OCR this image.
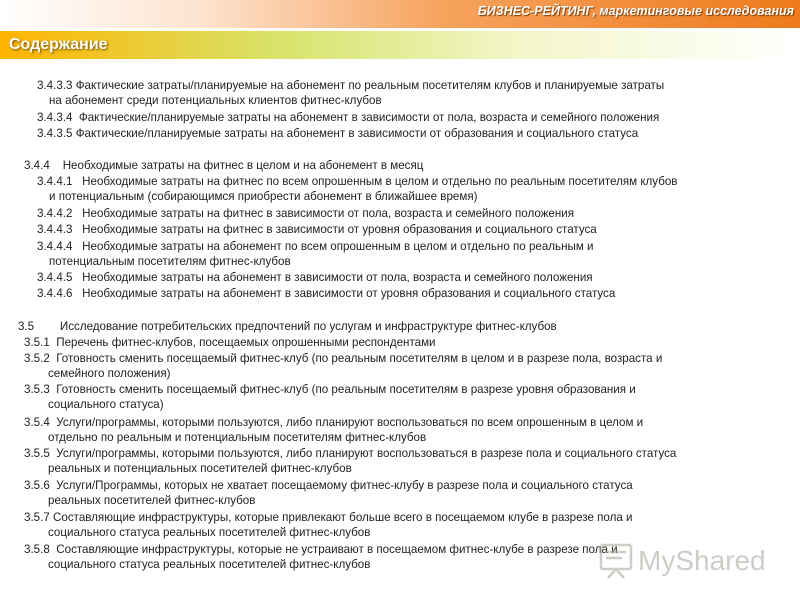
БИЗНЕС-РЕЙТИНГ, маркетинговые исследования
Содержание
3.4.3.3 Фактические затраты/планируемые на абонемент по реальным посетителям клубов и планируемые затраты
на абонемент среди потенциальных клиентов фитнес-клубов
3.4.3.4 Фактические/планируемые затраты на абонемент в зависимости от пола, возраста и семейного положения
3.4.3.5 Фактические/планируемые затраты на абонемент в зависимости от образования и социального статуса
3.4.4 Необходимые затраты на фитнес в целом и на абонемент в месяц
3.4.4.1 Необходимые затраты на фитнес по всем опрошенным в целом и отдельно по реальным посетителям клубов
и потенциальным (собирающимся приобрести абонемент в ближайшее время)
3.4.4.2 Необходимые затраты на фитнес в зависимости от пола, возраста и семейного положения
3.4.4.3 Необходимые затраты на фитнес в зависимости от уровня образования и социального статуса
3.4.4.4 Необходимые затраты на абонемент по всем опрошенным в целом и отдельно по реальным и
потенциальным посетителям фитнес-клубов
3.4.4.5 Необходимые затраты на абонемент в зависимости от пола, возраста и семейного положения
3.4.4.6 Необходимые затраты на абонемент в зависимости от уровня образования и социального статуса
3.5 Исследование потребительских предпочтений по услугам и инфраструктуре фитнес-клубов
3.5.1 Перечень фитнес-клубов, посещаемых опрошенными респондентами
3.5.2 Готовность сменить посещаемый фитнес-клуб (по реальным посетителям в целом и в разрезе пола, возраста и
семейного положения)
3.5.3 Готовность сменить посещаемый фитнес-клуб (по реальным посетителям в разрезе уровня образования и
социального статуса)
3.5.4 Услуги/программы, которыми пользуются, либо планируют воспользоваться по всем опрошенным в целом и
отдельно по реальным и потенциальным посетителям фитнес-клубов
3.5.5 Услуги/программы, которыми пользуются, либо планируют воспользоваться в разрезе пола и социального статуса
реальных и потенциальных посетителей фитнес-клубов
3.5.6 Услуги/Программы, которых не хватает посещаемому фитнес-клубу в разрезе пола и социального статуса
реальных посетителей фитнес-клубов
3.5.7 Составляющие инфраструктуры, которые привлекают больше всего в посещаемом клубе в разрезе пола и
социального статуса реальных посетителей фитнес-клубов
3.5.8 Составляющие инфраструктуры, которые не устраивают в посещаемом фитнес-клубе в разрезе пола и
социального статуса реальных посетителей фитнес-клубов	MyShared
